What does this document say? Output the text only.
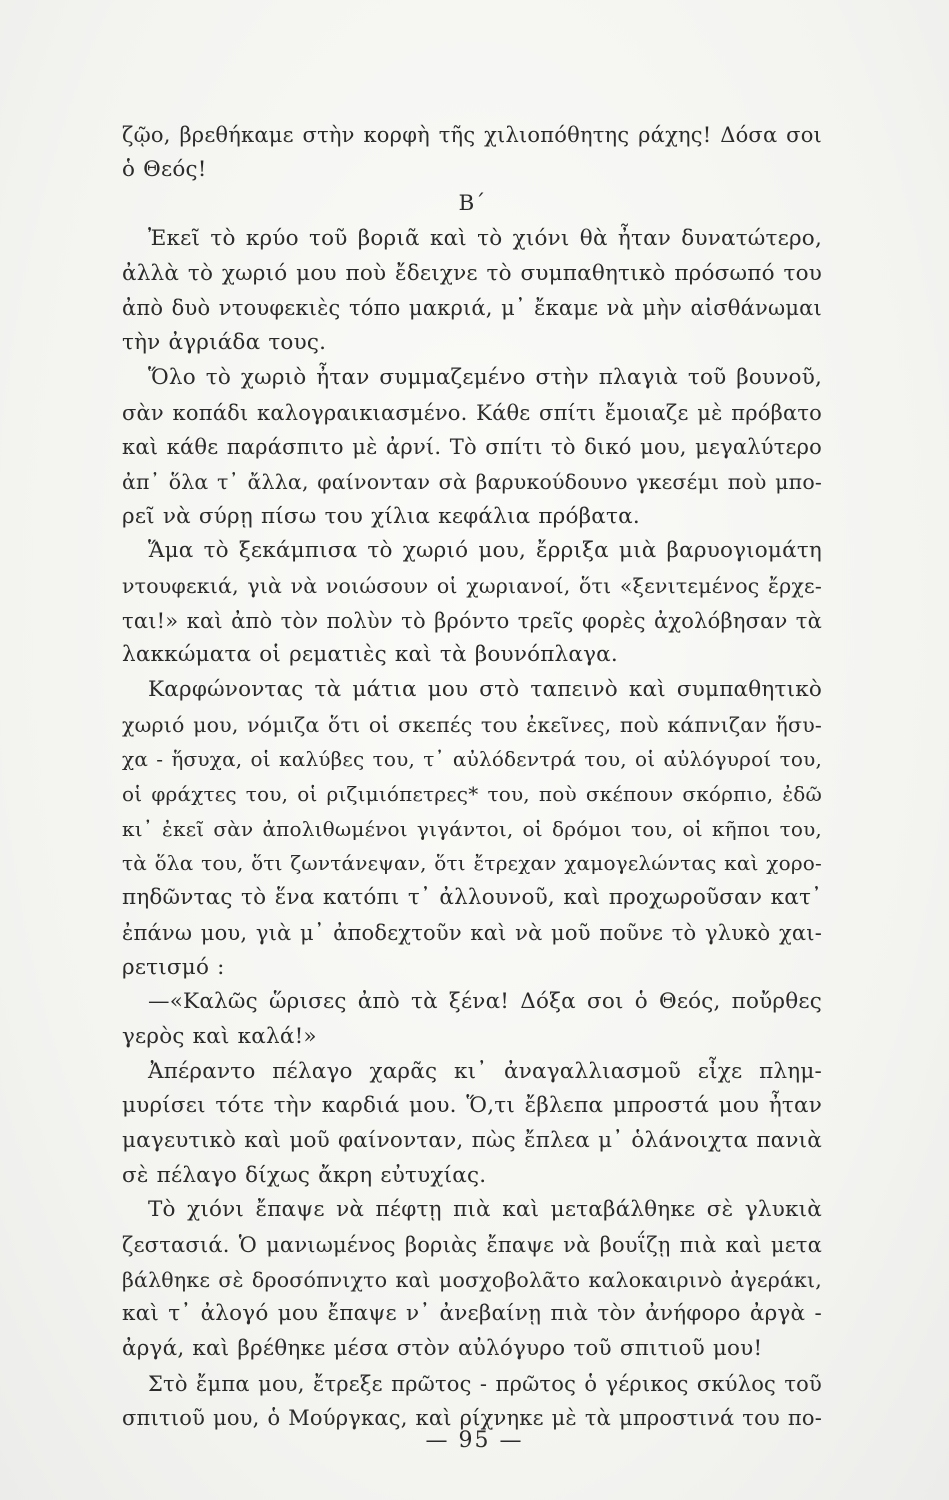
ζῷο, βρεθήκαμε στὴν κορφὴ τῆς χιλιοπόθητης ράχης! Δόσα σοι
ὁ Θεός!
Β΄
Ἐκεῖ τὸ κρύο τοῦ βοριᾶ καὶ τὸ χιόνι θὰ ἦταν δυνατώτερο,
ἀλλὰ τὸ χωριό μου ποὺ ἔδειχνε τὸ συμπαθητικὸ πρόσωπό του
ἀπὸ δυὸ ντουφεκιὲς τόπο μακριά, μ᾽ ἔκαμε νὰ μὴν αἰσθάνωμαι
τὴν ἀγριάδα τους.
Ὅλο τὸ χωριὸ ἦταν συμμαζεμένο στὴν πλαγιὰ τοῦ βουνοῦ,
σὰν κοπάδι καλογραικιασμένο. Κάθε σπίτι ἔμοιαζε μὲ πρόβατο
καὶ κάθε παράσπιτο μὲ ἀρνί. Τὸ σπίτι τὸ δικό μου, μεγαλύτερο
ἀπ᾽ ὅλα τ᾽ ἄλλα, φαίνονταν σὰ βαρυκούδουνο γκεσέμι ποὺ μπο-
ρεῖ νὰ σύρῃ πίσω του χίλια κεφάλια πρόβατα.
Ἅμα τὸ ξεκάμπισα τὸ χωριό μου, ἔρριξα μιὰ βαρυογιομάτη
ντουφεκιά, γιὰ νὰ νοιώσουν οἱ χωριανοί, ὅτι «ξενιτεμένος ἔρχε-
ται!» καὶ ἀπὸ τὸν πολὺν τὸ βρόντο τρεῖς φορὲς ἀχολόβησαν τὰ
λακκώματα οἱ ρεματιὲς καὶ τὰ βουνόπλαγα.
Καρφώνοντας τὰ μάτια μου στὸ ταπεινὸ καὶ συμπαθητικὸ
χωριό μου, νόμιζα ὅτι οἱ σκεπές του ἐκεῖνες, ποὺ κάπνιζαν ἥσυ-
χα - ἥσυχα, οἱ καλύβες του, τ᾽ αὐλόδεντρά του, οἱ αὐλόγυροί του,
οἱ φράχτες του, οἱ ριζιμιόπετρες* του, ποὺ σκέπουν σκόρπιο, ἐδῶ
κι᾽ ἐκεῖ σὰν ἀπολιθωμένοι γιγάντοι, οἱ δρόμοι του, οἱ κῆποι του,
τὰ ὅλα του, ὅτι ζωντάνεψαν, ὅτι ἔτρεχαν χαμογελώντας καὶ χορο-
πηδῶντας τὸ ἕνα κατόπι τ᾽ ἀλλουνοῦ, καὶ προχωροῦσαν κατ᾽
ἐπάνω μου, γιὰ μ᾽ ἀποδεχτοῦν καὶ νὰ μοῦ ποῦνε τὸ γλυκὸ χαι-
ρετισμό :
—«Καλῶς ὥρισες ἀπὸ τὰ ξένα! Δόξα σοι ὁ Θεός, ποὔρθες
γερὸς καὶ καλά!»
Ἀπέραντο πέλαγο χαρᾶς κι᾽ ἀναγαλλιασμοῦ εἶχε πλημ-
μυρίσει τότε τὴν καρδιά μου. Ὅ,τι ἔβλεπα μπροστά μου ἦταν
μαγευτικὸ καὶ μοῦ φαίνονταν, πὼς ἔπλεα μ᾽ ὁλάνοιχτα πανιὰ
σὲ πέλαγο δίχως ἄκρη εὐτυχίας.
Τὸ χιόνι ἔπαψε νὰ πέφτῃ πιὰ καὶ μεταβάλθηκε σὲ γλυκιὰ
ζεστασιά. Ὁ μανιωμένος βοριὰς ἔπαψε νὰ βουΐζῃ πιὰ καὶ μετα
βάλθηκε σὲ δροσόπνιχτο καὶ μοσχοβολᾶτο καλοκαιρινὸ ἀγεράκι,
καὶ τ᾽ ἀλογό μου ἔπαψε ν᾽ ἀνεβαίνῃ πιὰ τὸν ἀνήφορο ἀργὰ -
ἀργά, καὶ βρέθηκε μέσα στὸν αὐλόγυρο τοῦ σπιτιοῦ μου!
Στὸ ἔμπα μου, ἔτρεξε πρῶτος - πρῶτος ὁ γέρικος σκύλος τοῦ
σπιτιοῦ μου, ὁ Μούργκας, καὶ ρίχνηκε μὲ τὰ μπροστινά του πο-
— 95 —
